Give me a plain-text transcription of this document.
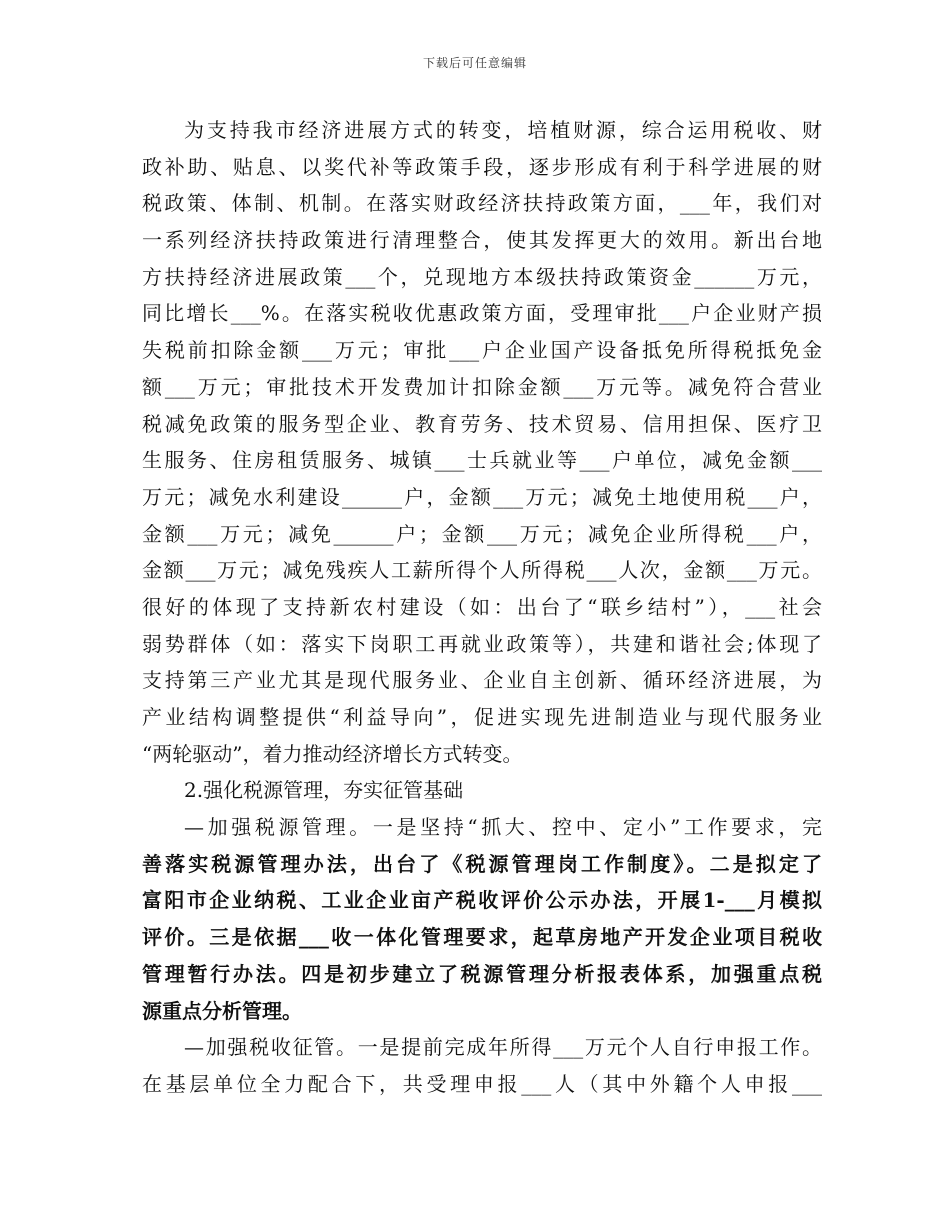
下载后可任意编辑
为支持我市经济进展方式的转变，培植财源，综合运用税收、财
政补助、贴息、以奖代补等政策手段，逐步形成有利于科学进展的财
税政策、体制、机制。在落实财政经济扶持政策方面，___年，我们对
一系列经济扶持政策进行清理整合，使其发挥更大的效用。新出台地
方扶持经济进展政策___个，兑现地方本级扶持政策资金______万元，
同比增长___%。在落实税收优惠政策方面，受理审批___户企业财产损
失税前扣除金额___万元；审批___户企业国产设备抵免所得税抵免金
额___万元；审批技术开发费加计扣除金额___万元等。减免符合营业
税减免政策的服务型企业、教育劳务、技术贸易、信用担保、医疗卫
生服务、住房租赁服务、城镇___士兵就业等___户单位，减免金额___
万元；减免水利建设______户，金额___万元；减免土地使用税___户，
金额___万元；减免______户；金额___万元；减免企业所得税___户，
金额___万元；减免残疾人工薪所得个人所得税___人次，金额___万元。
很好的体现了支持新农村建设（如：出台了“联乡结村”），___社会
弱势群体（如：落实下岗职工再就业政策等），共建和谐社会;体现了
支持第三产业尤其是现代服务业、企业自主创新、循环经济进展，为
产业结构调整提供“利益导向”，促进实现先进制造业与现代服务业
“两轮驱动”，着力推动经济增长方式转变。
2.强化税源管理，夯实征管基础
—加强税源管理。一是坚持“抓大、控中、定小”工作要求，完
善落实税源管理办法，出台了《税源管理岗工作制度》。二是拟定了
富阳市企业纳税、工业企业亩产税收评价公示办法，开展1-___月模拟
评价。三是依据___收一体化管理要求，起草房地产开发企业项目税收
管理暂行办法。四是初步建立了税源管理分析报表体系，加强重点税
源重点分析管理。
—加强税收征管。一是提前完成年所得___万元个人自行申报工作。
在基层单位全力配合下，共受理申报___人（其中外籍个人申报___
